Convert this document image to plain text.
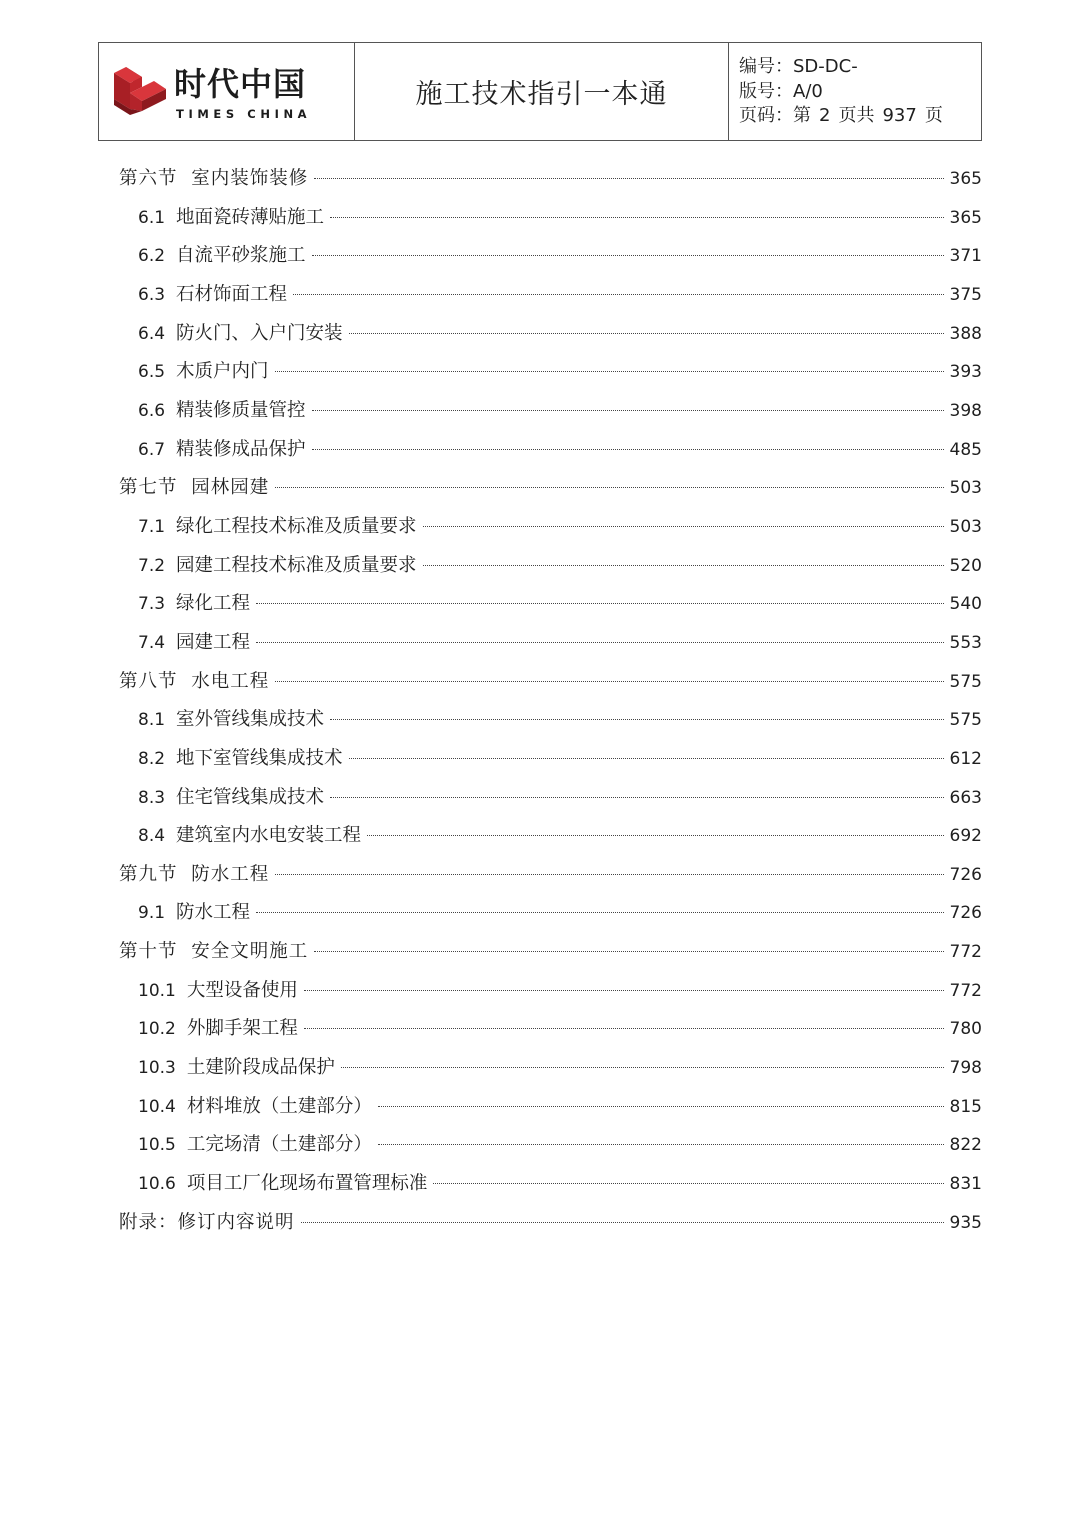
时代中国
TIMES CHINA
施工技术指引一本通
编号：SD-DC-
版号：A/0
页码：第 2 页共 937 页
第六节  室内装饰装修	365
6.1 地面瓷砖薄贴施工	365
6.2 自流平砂浆施工	371
6.3 石材饰面工程	375
6.4 防火门、入户门安装	388
6.5 木质户内门	393
6.6 精装修质量管控	398
6.7 精装修成品保护	485
第七节  园林园建	503
7.1 绿化工程技术标准及质量要求	503
7.2 园建工程技术标准及质量要求	520
7.3 绿化工程	540
7.4 园建工程	553
第八节  水电工程	575
8.1 室外管线集成技术	575
8.2 地下室管线集成技术	612
8.3 住宅管线集成技术	663
8.4 建筑室内水电安装工程	692
第九节  防水工程	726
9.1 防水工程	726
第十节  安全文明施工	772
10.1 大型设备使用	772
10.2 外脚手架工程	780
10.3 土建阶段成品保护	798
10.4 材料堆放（土建部分）	815
10.5 工完场清（土建部分）	822
10.6 项目工厂化现场布置管理标准	831
附录：修订内容说明	935
